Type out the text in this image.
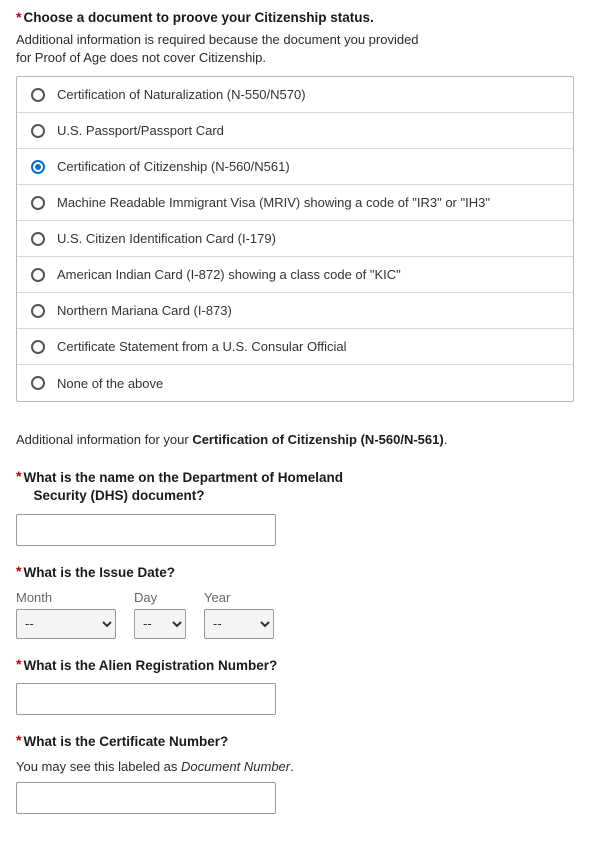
* Choose a document to proove your Citizenship status.
Additional information is required because the document you provided
for Proof of Age does not cover Citizenship.
Certification of Naturalization (N-550/N570)
U.S. Passport/Passport Card
Certification of Citizenship (N-560/N561)
Machine Readable Immigrant Visa (MRIV) showing a code of "IR3" or "IH3"
U.S. Citizen Identification Card (I-179)
American Indian Card (I-872) showing a class code of "KIC"
Northern Mariana Card (I-873)
Certificate Statement from a U.S. Consular Official
None of the above
Additional information for your Certification of Citizenship (N-560/N-561).
* What is the name on the Department of Homeland
Security (DHS) document?
* What is the Issue Date?
Month
--	Day
--	Year
--
* What is the Alien Registration Number?
* What is the Certificate Number?
You may see this labeled as Document Number.
